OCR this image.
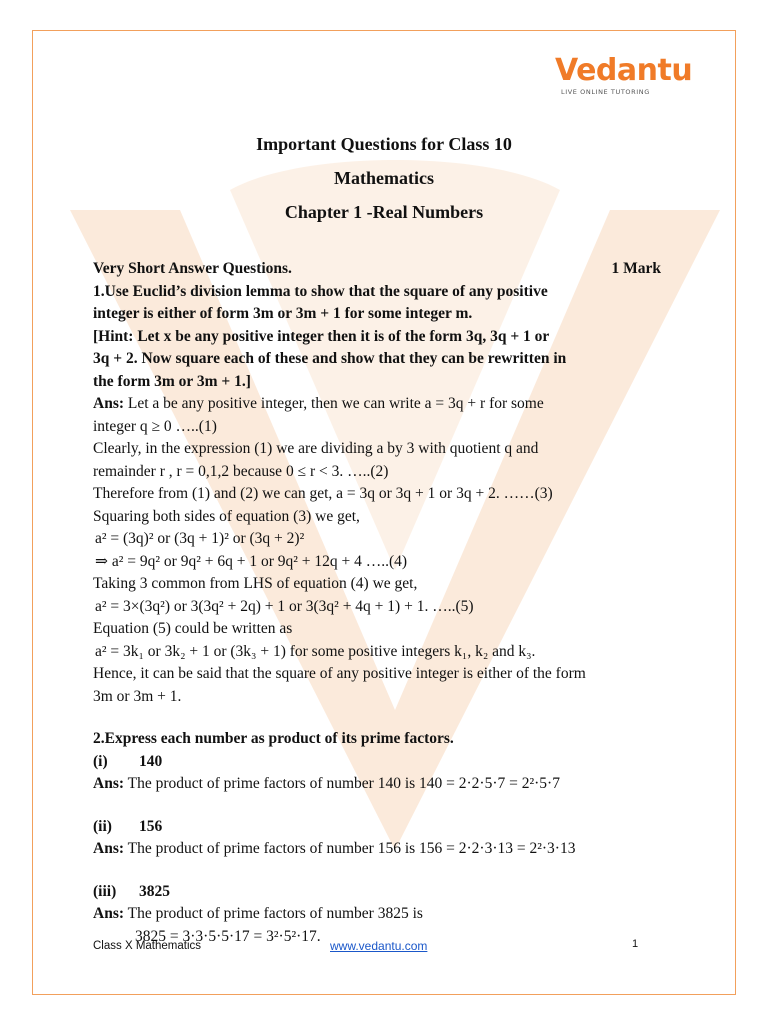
Vedantu
LIVE ONLINE TUTORING
Important Questions for Class 10
Mathematics
Chapter 1 -Real Numbers
Very Short Answer Questions.	1 Mark
1.Use Euclid’s division lemma to show that the square of any positive
integer is either of form 3m or 3m + 1 for some integer m.
[Hint: Let x be any positive integer then it is of the form 3q, 3q + 1 or
3q + 2. Now square each of these and show that they can be rewritten in
the form 3m or 3m + 1.]
Ans: Let a be any positive integer, then we can write a = 3q + r for some
integer q ≥ 0 …..(1)
Clearly, in the expression (1) we are dividing a by 3 with quotient q and
remainder r , r = 0,1,2 because 0 ≤ r < 3. …..(2)
Therefore from (1) and (2) we can get, a = 3q or 3q + 1 or 3q + 2. ……(3)
Squaring both sides of equation (3) we get,
a² = (3q)² or (3q + 1)² or (3q + 2)²
⇒ a² = 9q² or 9q² + 6q + 1 or 9q² + 12q + 4 …..(4)
Taking 3 common from LHS of equation (4) we get,
a² = 3×(3q²) or 3(3q² + 2q) + 1 or 3(3q² + 4q + 1) + 1. …..(5)
Equation (5) could be written as
a² = 3k₁ or 3k₂ + 1 or (3k₃ + 1) for some positive integers k₁, k₂ and k₃.
Hence, it can be said that the square of any positive integer is either of the form
3m or 3m + 1.
2.Express each number as product of its prime factors.
(i) 140
Ans: The product of prime factors of number 140 is 140 = 2·2·5·7 = 2²·5·7
(ii) 156
Ans: The product of prime factors of number 156 is 156 = 2·2·3·13 = 2²·3·13
(iii) 3825
Ans: The product of prime factors of number 3825 is
3825 = 3·3·5·5·17 = 3²·5²·17.
Class X Mathematics	www.vedantu.com	1
